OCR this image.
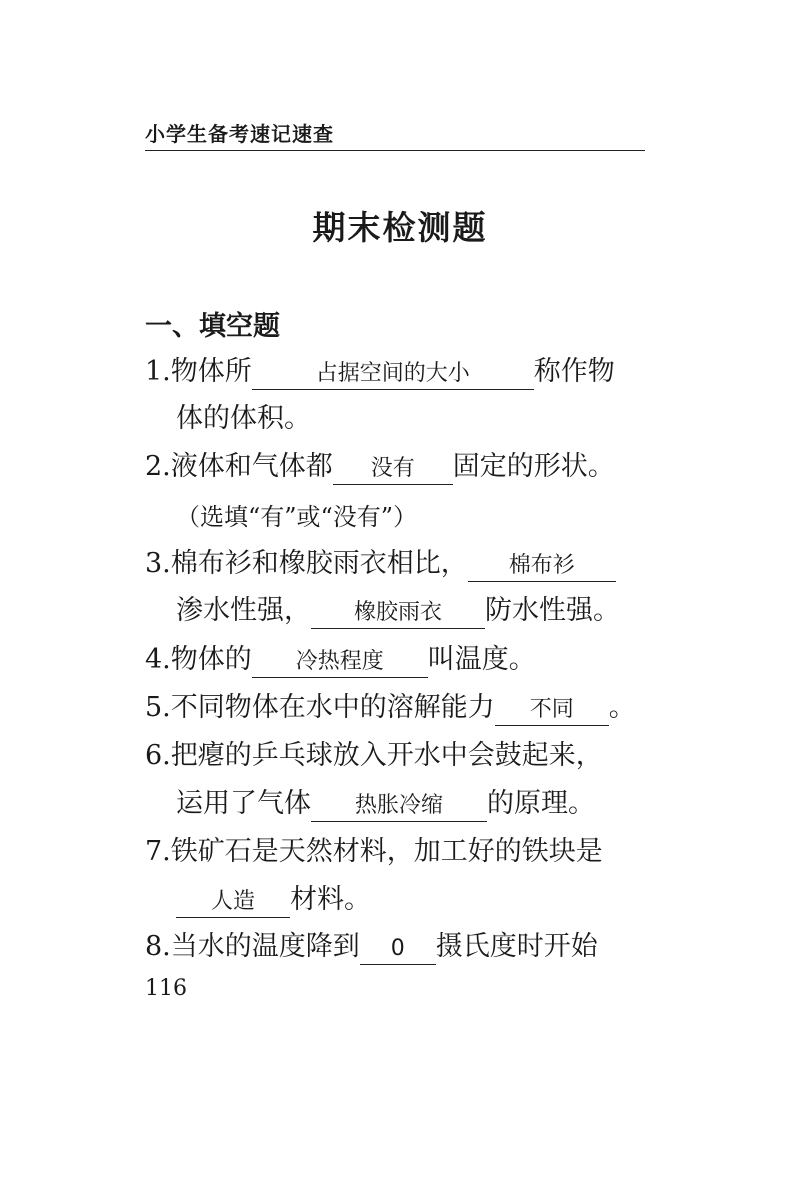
小学生备考速记速查
期末检测题
一、填空题
1.物体所	占据空间的大小 称作物
体的体积。
2.液体和气体都 没有 固定的形状。
（选填“有”或“没有”）
3.棉布衫和橡胶雨衣相比， 棉布衫
渗水性强， 橡胶雨衣 防水性强。
4.物体的 冷热程度 叫温度。
5.不同物体在水中的溶解能力 不同 。
6.把瘪的乒乓球放入开水中会鼓起来，
运用了气体 热胀冷缩 的原理。
7.铁矿石是天然材料，加工好的铁块是
人造 材料。
8.当水的温度降到 0 摄氏度时开始
116
